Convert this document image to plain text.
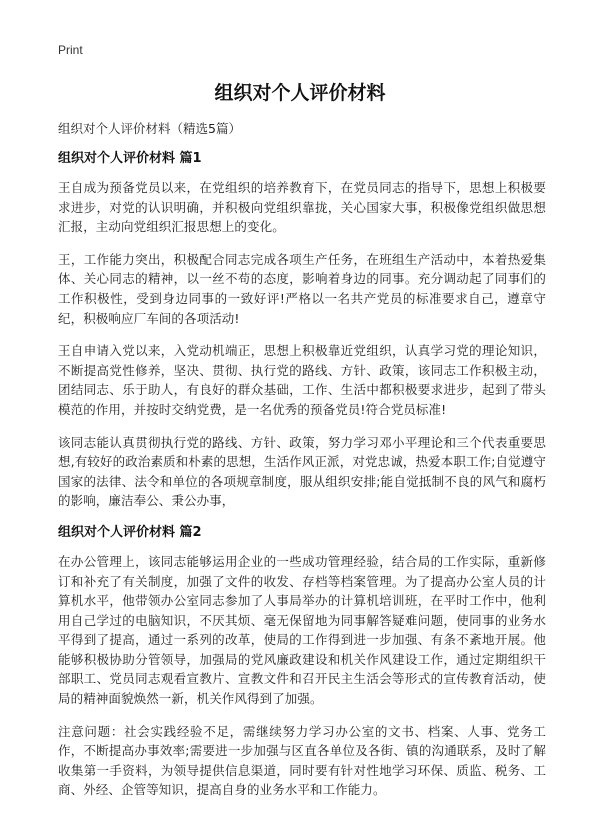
Print
组织对个人评价材料

组织对个人评价材料（精选5篇）

组织对个人评价材料 篇1

王自成为预备党员以来，在党组织的培养教育下，在党员同志的指导下，思想上积极要求进步，对党的认识明确，并积极向党组织靠拢，关心国家大事，积极像党组织做思想汇报，主动向党组织汇报思想上的变化。

王，工作能力突出，积极配合同志完成各项生产任务，在班组生产活动中，本着热爱集体、关心同志的精神，以一丝不苟的态度，影响着身边的同事。充分调动起了同事们的工作积极性，受到身边同事的一致好评!严格以一名共产党员的标准要求自己，遵章守纪，积极响应厂车间的各项活动!

王自申请入党以来，入党动机端正，思想上积极靠近党组织，认真学习党的理论知识，不断提高党性修养，坚决、贯彻、执行党的路线、方针、政策，该同志工作积极主动，团结同志、乐于助人，有良好的群众基础，工作、生活中都积极要求进步，起到了带头模范的作用，并按时交纳党费，是一名优秀的预备党员!符合党员标准!

该同志能认真贯彻执行党的路线、方针、政策，努力学习邓小平理论和三个代表重要思想,有较好的政治素质和朴素的思想，生活作风正派，对党忠诚，热爱本职工作;自觉遵守国家的法律、法令和单位的各项规章制度，服从组织安排;能自觉抵制不良的风气和腐朽的影响，廉洁奉公、秉公办事，

组织对个人评价材料 篇2

在办公管理上，该同志能够运用企业的一些成功管理经验，结合局的工作实际，重新修订和补充了有关制度，加强了文件的收发、存档等档案管理。为了提高办公室人员的计算机水平，他带领办公室同志参加了人事局举办的计算机培训班，在平时工作中，他利用自己学过的电脑知识，不厌其烦、毫无保留地为同事解答疑难问题，使同事的业务水平得到了提高，通过一系列的改革，使局的工作得到进一步加强、有条不紊地开展。他能够积极协助分管领导，加强局的党风廉政建设和机关作风建设工作，通过定期组织干部职工、党员同志观看宣教片、宣教文件和召开民主生活会等形式的宣传教育活动，使局的精神面貌焕然一新，机关作风得到了加强。

注意问题：社会实践经验不足，需继续努力学习办公室的文书、档案、人事、党务工作，不断提高办事效率;需要进一步加强与区直各单位及各街、镇的沟通联系，及时了解收集第一手资料，为领导提供信息渠道，同时要有针对性地学习环保、质监、税务、工商、外经、企管等知识，提高自身的业务水平和工作能力。
